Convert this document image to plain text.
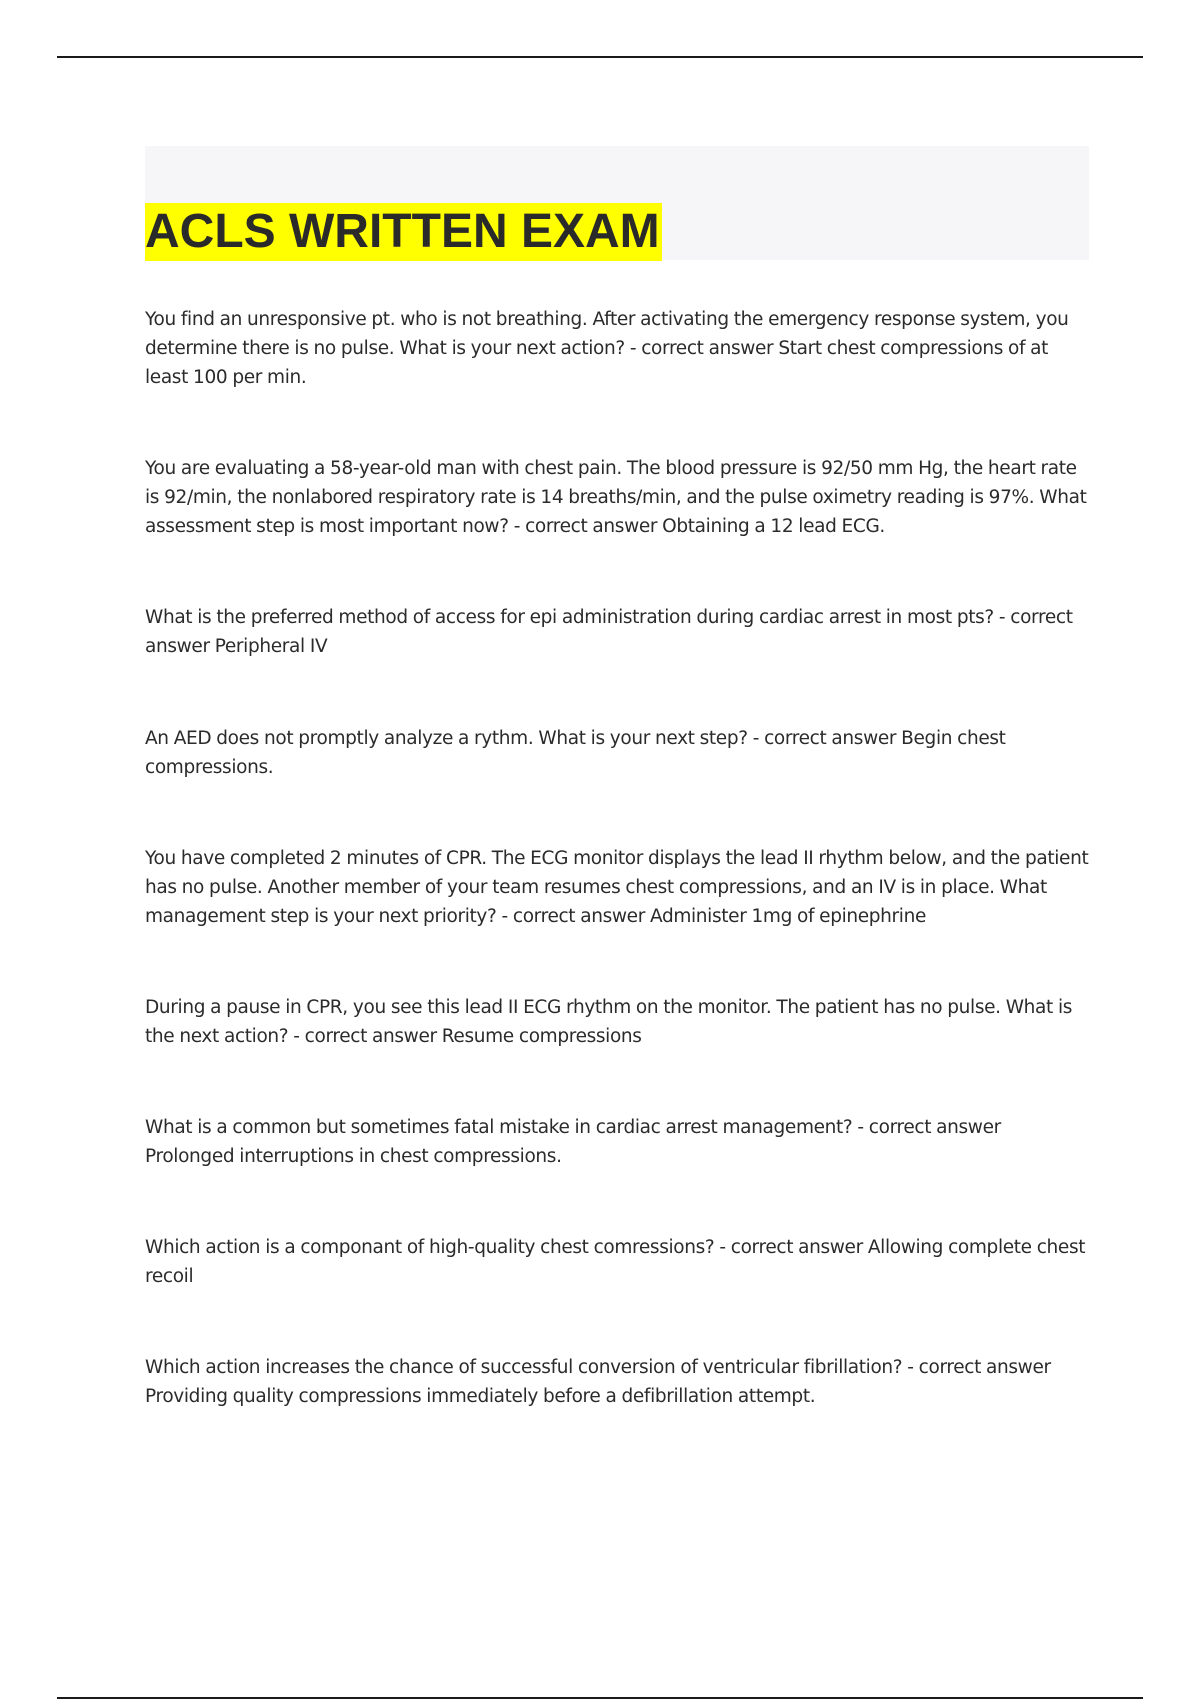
ACLS WRITTEN EXAM

You find an unresponsive pt. who is not breathing. After activating the emergency response system, you determine there is no pulse. What is your next action? - correct answer Start chest compressions of at least 100 per min.

You are evaluating a 58-year-old man with chest pain. The blood pressure is 92/50 mm Hg, the heart rate is 92/min, the nonlabored respiratory rate is 14 breaths/min, and the pulse oximetry reading is 97%. What assessment step is most important now? - correct answer Obtaining a 12 lead ECG.

What is the preferred method of access for epi administration during cardiac arrest in most pts? - correct answer Peripheral IV

An AED does not promptly analyze a rythm. What is your next step? - correct answer Begin chest compressions.

You have completed 2 minutes of CPR. The ECG monitor displays the lead II rhythm below, and the patient has no pulse. Another member of your team resumes chest compressions, and an IV is in place. What management step is your next priority? - correct answer Administer 1mg of epinephrine

During a pause in CPR, you see this lead II ECG rhythm on the monitor. The patient has no pulse. What is the next action? - correct answer Resume compressions

What is a common but sometimes fatal mistake in cardiac arrest management? - correct answer Prolonged interruptions in chest compressions.

Which action is a componant of high-quality chest comressions? - correct answer Allowing complete chest recoil

Which action increases the chance of successful conversion of ventricular fibrillation? - correct answer Providing quality compressions immediately before a defibrillation attempt.
